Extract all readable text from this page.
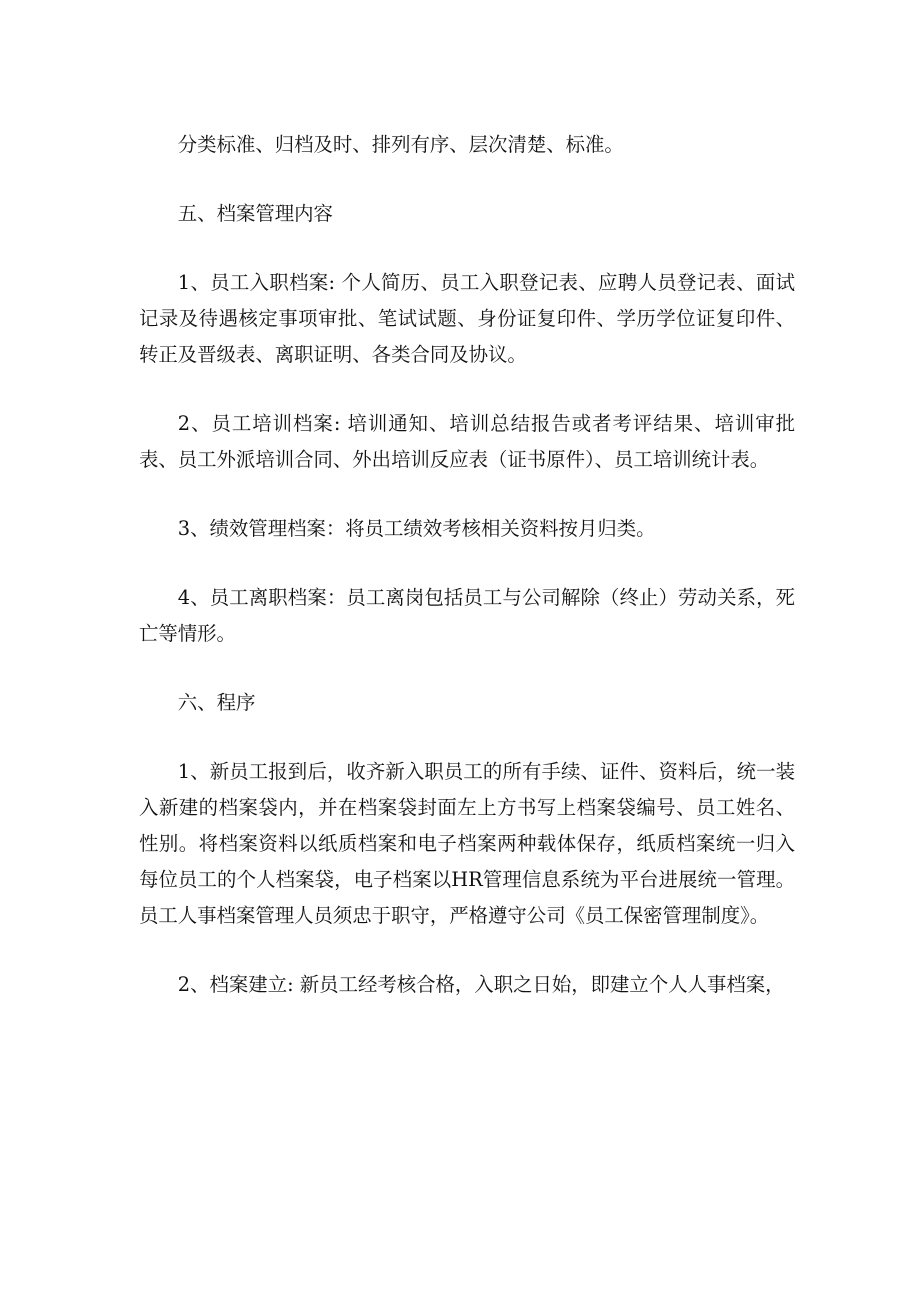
分类标准、归档及时、排列有序、层次清楚、标准。

五、档案管理内容

1、员工入职档案: 个人简历、员工入职登记表、应聘人员登记表、面试记录及待遇核定事项审批、笔试试题、身份证复印件、学历学位证复印件、转正及晋级表、离职证明、各类合同及协议。

2、员工培训档案: 培训通知、培训总结报告或者考评结果、培训审批表、员工外派培训合同、外出培训反应表（证书原件）、员工培训统计表。

3、绩效管理档案：将员工绩效考核相关资料按月归类。

4、员工离职档案：员工离岗包括员工与公司解除（终止）劳动关系，死亡等情形。

六、程序

1、新员工报到后，收齐新入职员工的所有手续、证件、资料后，统一装入新建的档案袋内，并在档案袋封面左上方书写上档案袋编号、员工姓名、性别。将档案资料以纸质档案和电子档案两种载体保存，纸质档案统一归入每位员工的个人档案袋，电子档案以HR管理信息系统为平台进展统一管理。员工人事档案管理人员须忠于职守，严格遵守公司《员工保密管理制度》。

2、档案建立: 新员工经考核合格，入职之日始，即建立个人人事档案，
